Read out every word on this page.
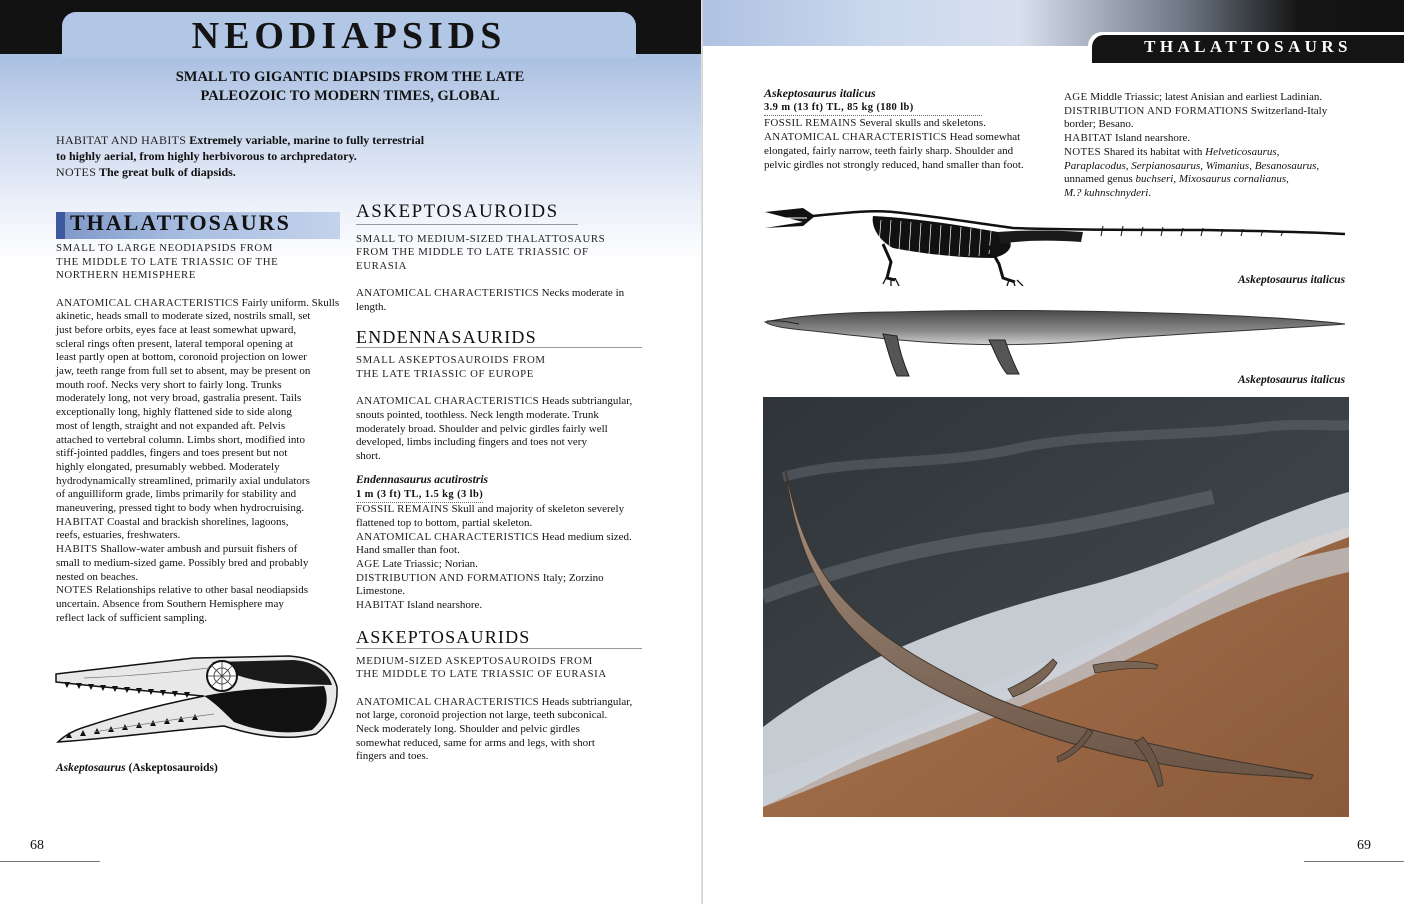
NEODIAPSIDS
SMALL TO GIGANTIC DIAPSIDS FROM THE LATE
PALEOZOIC TO MODERN TIMES, GLOBAL
HABITAT AND HABITS Extremely variable, marine to fully terrestrial
to highly aerial, from highly herbivorous to archpredatory.
NOTES The great bulk of diapsids.
THALATTOSAURS
SMALL TO LARGE NEODIAPSIDS FROM
THE MIDDLE TO LATE TRIASSIC OF THE
NORTHERN HEMISPHERE

ANATOMICAL CHARACTERISTICS Fairly uniform. Skulls

akinetic, heads small to moderate sized, nostrils small, set

just before orbits, eyes face at least somewhat upward,

scleral rings often present, lateral temporal opening at

least partly open at bottom, coronoid projection on lower

jaw, teeth range from full set to absent, may be present on

mouth roof. Necks very short to fairly long. Trunks

moderately long, not very broad, gastralia present. Tails

exceptionally long, highly flattened side to side along

most of length, straight and not expanded aft. Pelvis

attached to vertebral column. Limbs short, modified into

stiff-jointed paddles, fingers and toes present but not

highly elongated, presumably webbed. Moderately

hydrodynamically streamlined, primarily axial undulators

of anguilliform grade, limbs primarily for stability and

maneuvering, pressed tight to body when hydrocruising.

HABITAT Coastal and brackish shorelines, lagoons,

reefs, estuaries, freshwaters.

HABITS Shallow-water ambush and pursuit fishers of

small to medium-sized game. Possibly bred and probably

nested on beaches.

NOTES Relationships relative to other basal neodiapsids

uncertain. Absence from Southern Hemisphere may

reflect lack of sufficient sampling.

Askeptosaurus (Askeptosauroids)
ASKEPTOSAUROIDS
SMALL TO MEDIUM-SIZED THALATTOSAURS
FROM THE MIDDLE TO LATE TRIASSIC OF
EURASIA

ANATOMICAL CHARACTERISTICS Necks moderate in

length.

ENDENNASAURIDS
SMALL ASKEPTOSAUROIDS FROM
THE LATE TRIASSIC OF EUROPE

ANATOMICAL CHARACTERISTICS Heads subtriangular,

snouts pointed, toothless. Neck length moderate. Trunk

moderately broad. Shoulder and pelvic girdles fairly well

developed, limbs including fingers and toes not very

short.

Endennasaurus acutirostris
1 m (3 ft) TL, 1.5 kg (3 lb)

FOSSIL REMAINS Skull and majority of skeleton severely

flattened top to bottom, partial skeleton.

ANATOMICAL CHARACTERISTICS Head medium sized.

Hand smaller than foot.

AGE Late Triassic; Norian.

DISTRIBUTION AND FORMATIONS Italy; Zorzino

Limestone.

HABITAT Island nearshore.

ASKEPTOSAURIDS
MEDIUM-SIZED ASKEPTOSAUROIDS FROM
THE MIDDLE TO LATE TRIASSIC OF EURASIA

ANATOMICAL CHARACTERISTICS Heads subtriangular,

not large, coronoid projection not large, teeth subconical.

Neck moderately long. Shoulder and pelvic girdles

somewhat reduced, same for arms and legs, with short

fingers and toes.

68
THALATTOSAURS
Askeptosaurus italicus
3.9 m (13 ft) TL, 85 kg (180 lb)

FOSSIL REMAINS Several skulls and skeletons.

ANATOMICAL CHARACTERISTICS Head somewhat

elongated, fairly narrow, teeth fairly sharp. Shoulder and

pelvic girdles not strongly reduced, hand smaller than foot.

AGE Middle Triassic; latest Anisian and earliest Ladinian.

DISTRIBUTION AND FORMATIONS Switzerland-Italy

border; Besano.

HABITAT Island nearshore.

NOTES Shared its habitat with Helveticosaurus,

Paraplacodus, Serpianosaurus, Wimanius, Besanosaurus,

unnamed genus buchseri, Mixosaurus cornalianus,

M.? kuhnschnyderi.

Askeptosaurus italicus
Askeptosaurus italicus
69
